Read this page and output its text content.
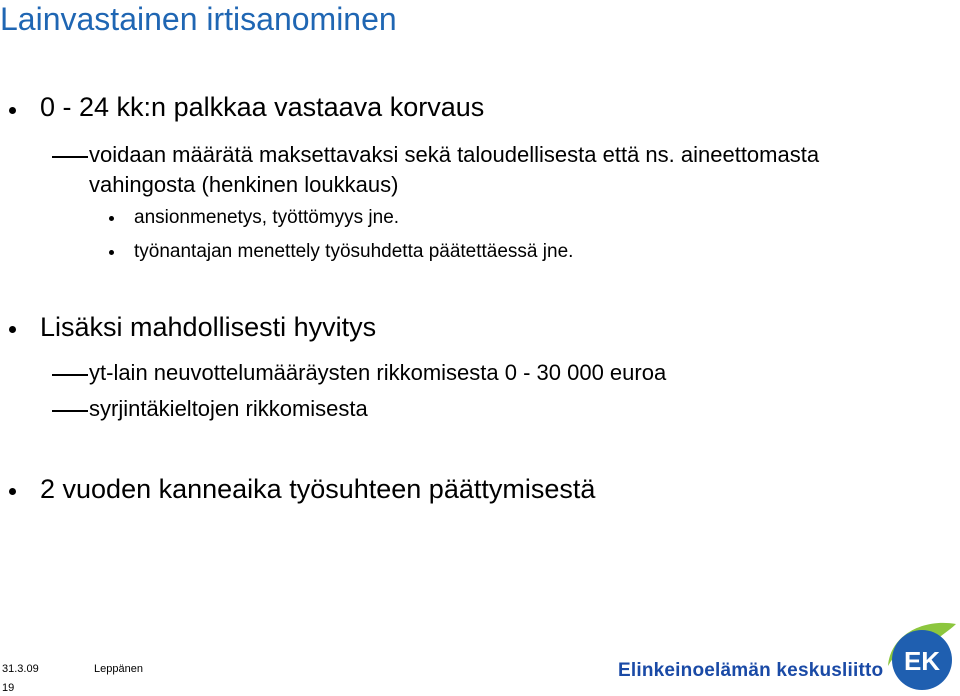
Lainvastainen irtisanominen
0 - 24 kk:n palkkaa vastaava korvaus
voidaan määrätä maksettavaksi sekä taloudellisesta että ns. aineettomasta
vahingosta (henkinen loukkaus)
ansionmenetys, työttömyys jne.
työnantajan menettely työsuhdetta päätettäessä jne.
Lisäksi mahdollisesti hyvitys
yt-lain neuvottelumääräysten rikkomisesta 0 - 30 000 euroa
syrjintäkieltojen rikkomisesta
2 vuoden kanneaika työsuhteen päättymisestä
31.3.09	Leppänen
19
Elinkeinoelämän keskusliitto EK
